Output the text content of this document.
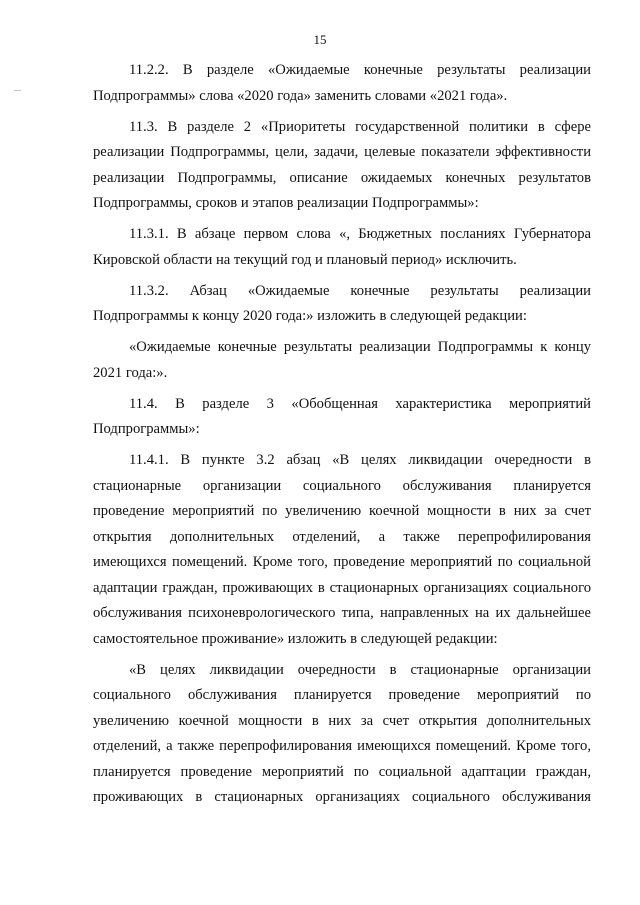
15

11.2.2. В разделе «Ожидаемые конечные результаты реализации Подпрограммы» слова «2020 года» заменить словами «2021 года».

11.3. В разделе 2 «Приоритеты государственной политики в сфере реализации Подпрограммы, цели, задачи, целевые показатели эффективности реализации Подпрограммы, описание ожидаемых конечных результатов Подпрограммы, сроков и этапов реализации Подпрограммы»:

11.3.1. В абзаце первом слова «, Бюджетных посланиях Губернатора Кировской области на текущий год и плановый период» исключить.

11.3.2. Абзац «Ожидаемые конечные результаты реализации Подпрограммы к концу 2020 года:» изложить в следующей редакции:

«Ожидаемые конечные результаты реализации Подпрограммы к концу 2021 года:».

11.4. В разделе 3 «Обобщенная характеристика мероприятий Подпрограммы»:

11.4.1. В пункте 3.2 абзац «В целях ликвидации очередности в стационарные организации социального обслуживания планируется проведение мероприятий по увеличению коечной мощности в них за счет открытия дополнительных отделений, а также перепрофилирования имеющихся помещений. Кроме того, проведение мероприятий по социальной адаптации граждан, проживающих в стационарных организациях социального обслуживания психоневрологического типа, направленных на их дальнейшее самостоятельное проживание» изложить в следующей редакции:

«В целях ликвидации очередности в стационарные организации социального обслуживания планируется проведение мероприятий по увеличению коечной мощности в них за счет открытия дополнительных отделений, а также перепрофилирования имеющихся помещений. Кроме того, планируется проведение мероприятий по социальной адаптации граждан, проживающих в стационарных организациях социального обслуживания
